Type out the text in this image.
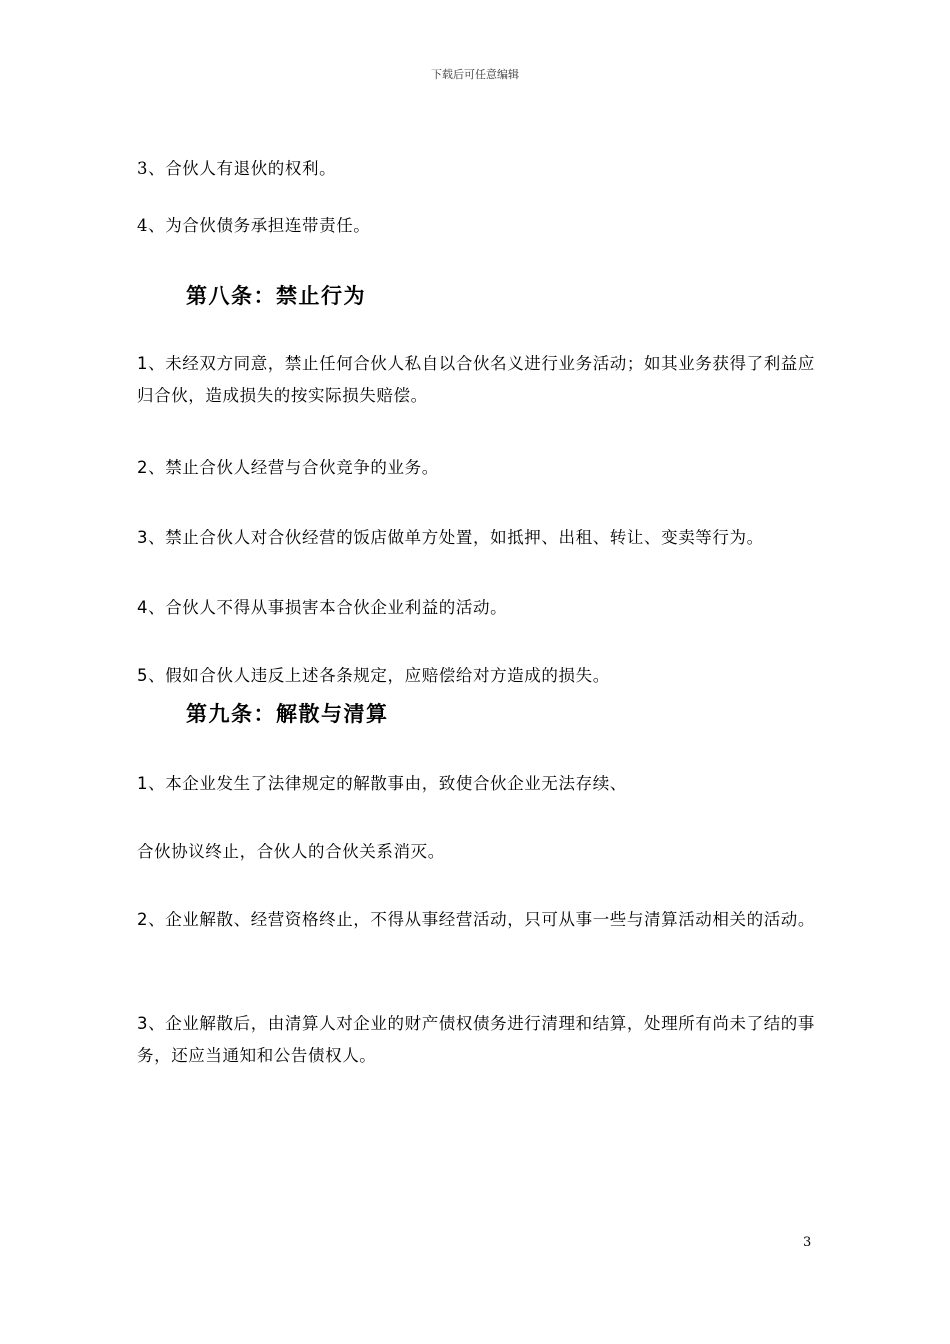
下载后可任意编辑
3、合伙人有退伙的权利。
4、为合伙债务承担连带责任。
第八条：禁止行为
1、未经双方同意，禁止任何合伙人私自以合伙名义进行业务活动；如其业务获得了利益应归合伙，造成损失的按实际损失赔偿。
2、禁止合伙人经营与合伙竞争的业务。
3、禁止合伙人对合伙经营的饭店做单方处置，如抵押、出租、转让、变卖等行为。
4、合伙人不得从事损害本合伙企业利益的活动。
5、假如合伙人违反上述各条规定，应赔偿给对方造成的损失。
第九条：解散与清算
1、本企业发生了法律规定的解散事由，致使合伙企业无法存续、
合伙协议终止，合伙人的合伙关系消灭。
2、企业解散、经营资格终止，不得从事经营活动，只可从事一些与清算活动相关的活动。
3、企业解散后，由清算人对企业的财产债权债务进行清理和结算，处理所有尚未了结的事务，还应当通知和公告债权人。
3
